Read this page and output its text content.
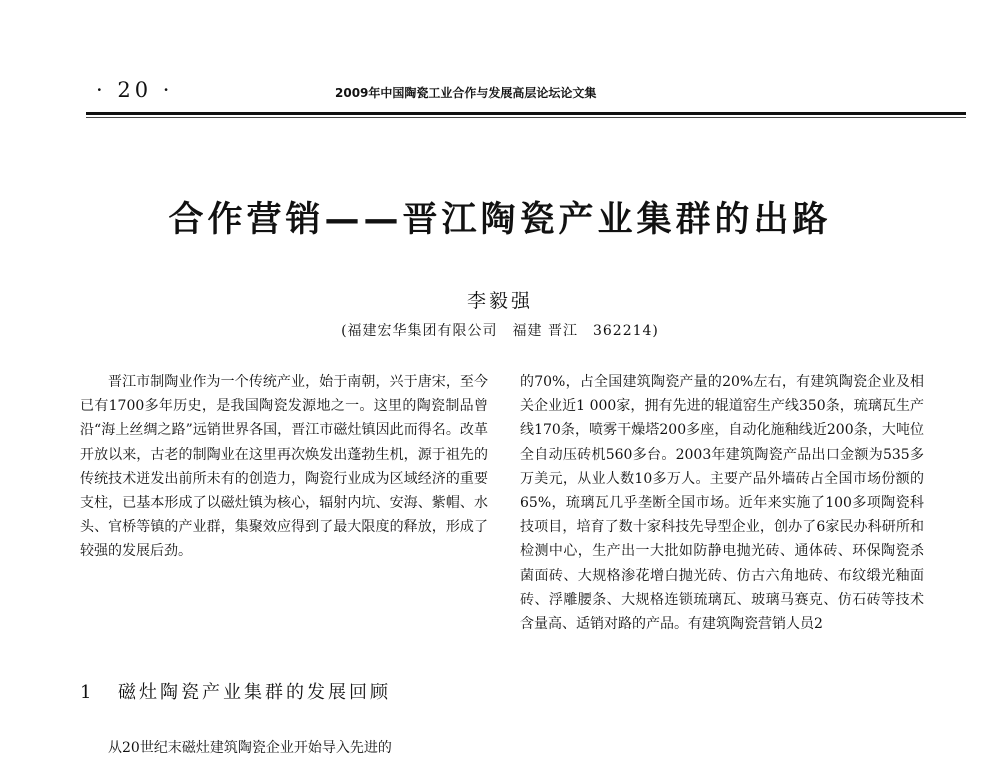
· 20 ·	2009年中国陶瓷工业合作与发展高层论坛论文集
合作营销——晋江陶瓷产业集群的出路
李毅强
(福建宏华集团有限公司　福建 晋江　362214)

晋江市制陶业作为一个传统产业，始于南朝，兴于唐宋，至今已有1700多年历史，是我国陶瓷发源地之一。这里的陶瓷制品曾沿“海上丝绸之路”远销世界各国，晋江市磁灶镇因此而得名。改革开放以来，古老的制陶业在这里再次焕发出蓬勃生机，源于祖先的传统技术迸发出前所未有的创造力，陶瓷行业成为区域经济的重要支柱，已基本形成了以磁灶镇为核心，辐射内坑、安海、紫帽、水头、官桥等镇的产业群，集聚效应得到了最大限度的释放，形成了较强的发展后劲。

1 磁灶陶瓷产业集群的发展回顾

从20世纪末磁灶建筑陶瓷企业开始导入先进的

的70%，占全国建筑陶瓷产量的20%左右，有建筑陶瓷企业及相关企业近1 000家，拥有先进的辊道窑生产线350条，琉璃瓦生产线170条，喷雾干燥塔200多座，自动化施釉线近200条，大吨位全自动压砖机560多台。2003年建筑陶瓷产品出口金额为535多万美元，从业人数10多万人。主要产品外墙砖占全国市场份额的65%，琉璃瓦几乎垄断全国市场。近年来实施了100多项陶瓷科技项目，培育了数十家科技先导型企业，创办了6家民办科研所和检测中心，生产出一大批如防静电抛光砖、通体砖、环保陶瓷杀菌面砖、大规格渗花增白抛光砖、仿古六角地砖、布纹缎光釉面砖、浮雕腰条、大规格连锁琉璃瓦、玻璃马赛克、仿石砖等技术含量高、适销对路的产品。有建筑陶瓷营销人员2
